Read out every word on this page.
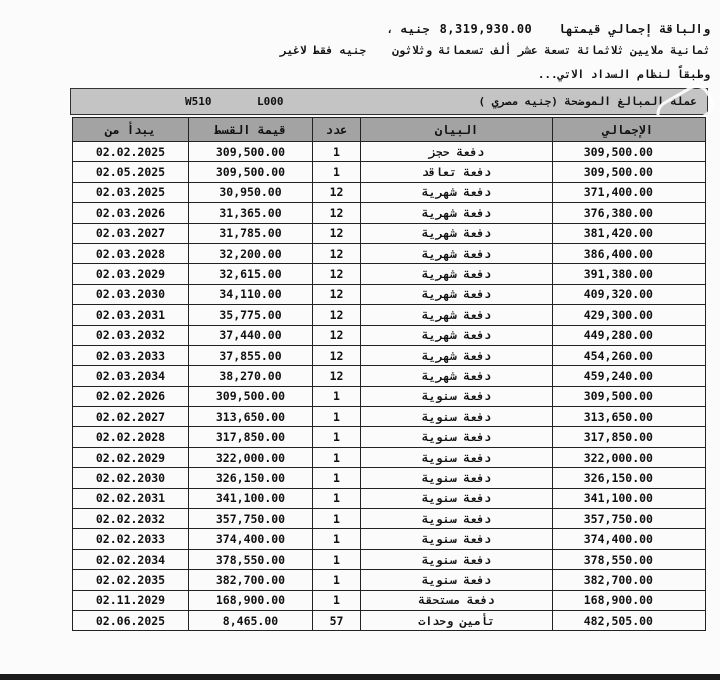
والباقة إجمالي قيمتها8,319,930.00جنيه ،
ثمانية ملايين ثلاثمائة تسعة عشر ألف تسعمائة وثلاثونجنيه فقط لاغير
وطبقاً لنظام السداد الاتي...
W510	L000	عملة المبالغ الموضحة (جنيه مصري )
يبدأ من	قيمة القسط	عدد	البيان	الإجمالي
02.02.2025	309,500.00	1	دفعة حجز	309,500.00
02.05.2025	309,500.00	1	دفعة تعاقد	309,500.00
02.03.2025	30,950.00	12	دفعة شهرية	371,400.00
02.03.2026	31,365.00	12	دفعة شهرية	376,380.00
02.03.2027	31,785.00	12	دفعة شهرية	381,420.00
02.03.2028	32,200.00	12	دفعة شهرية	386,400.00
02.03.2029	32,615.00	12	دفعة شهرية	391,380.00
02.03.2030	34,110.00	12	دفعة شهرية	409,320.00
02.03.2031	35,775.00	12	دفعة شهرية	429,300.00
02.03.2032	37,440.00	12	دفعة شهرية	449,280.00
02.03.2033	37,855.00	12	دفعة شهرية	454,260.00
02.03.2034	38,270.00	12	دفعة شهرية	459,240.00
02.02.2026	309,500.00	1	دفعة سنوية	309,500.00
02.02.2027	313,650.00	1	دفعة سنوية	313,650.00
02.02.2028	317,850.00	1	دفعة سنوية	317,850.00
02.02.2029	322,000.00	1	دفعة سنوية	322,000.00
02.02.2030	326,150.00	1	دفعة سنوية	326,150.00
02.02.2031	341,100.00	1	دفعة سنوية	341,100.00
02.02.2032	357,750.00	1	دفعة سنوية	357,750.00
02.02.2033	374,400.00	1	دفعة سنوية	374,400.00
02.02.2034	378,550.00	1	دفعة سنوية	378,550.00
02.02.2035	382,700.00	1	دفعة سنوية	382,700.00
02.11.2029	168,900.00	1	دفعة مستحقة	168,900.00
02.06.2025	8,465.00	57	تأمين وحدات	482,505.00
